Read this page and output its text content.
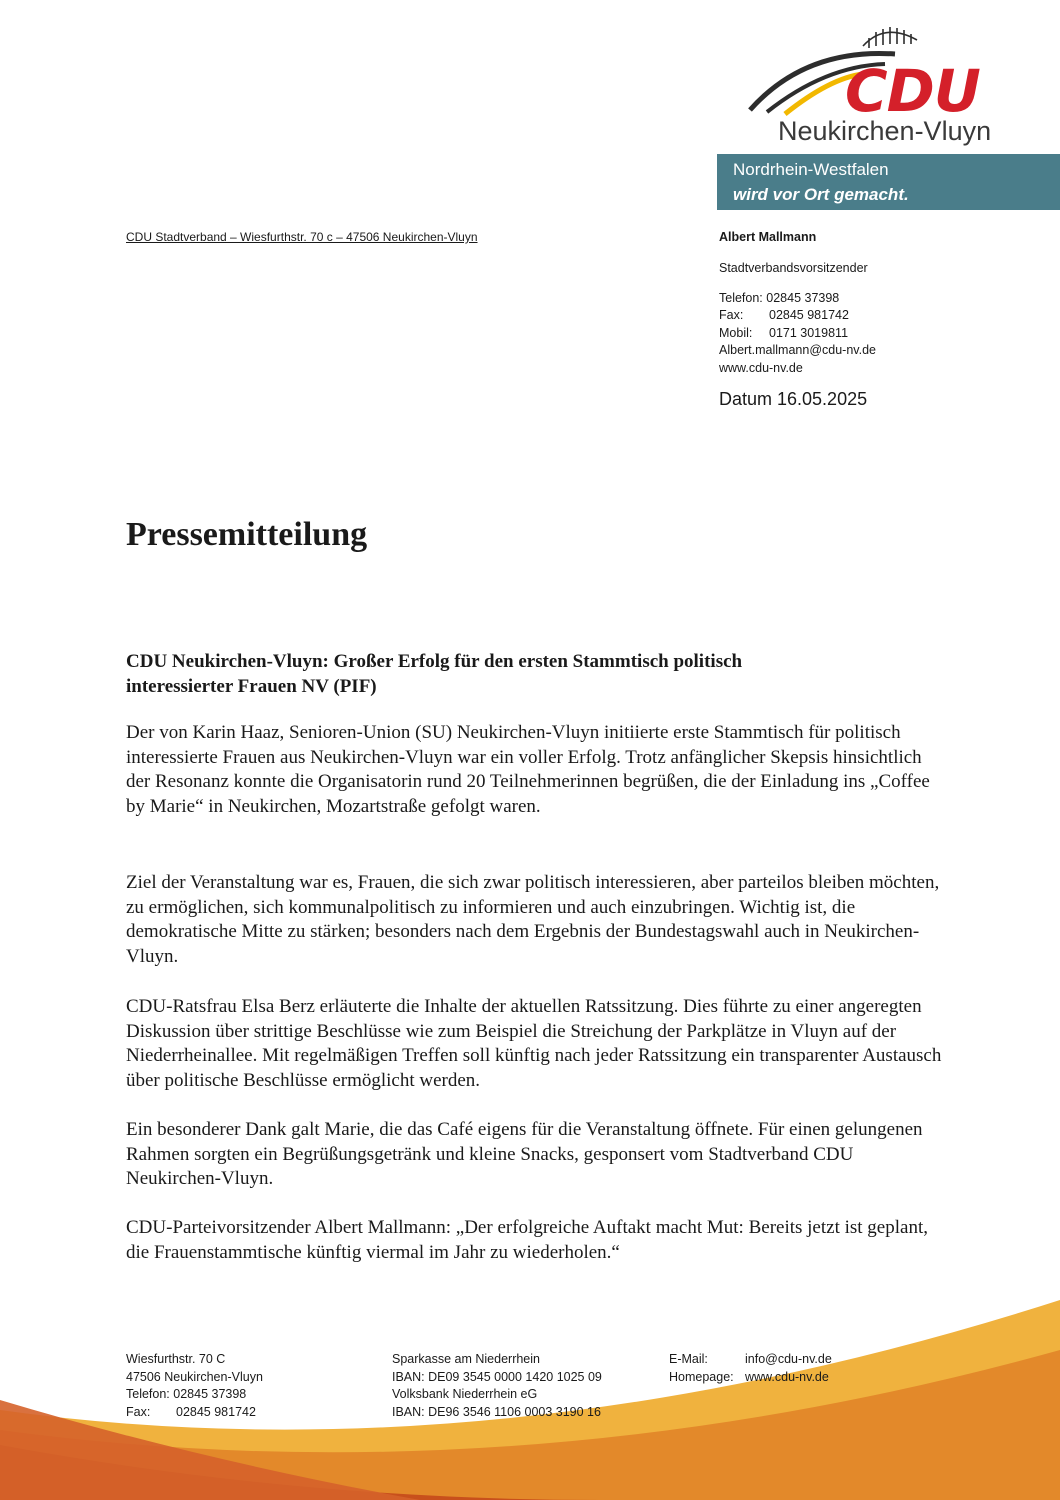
CDU
Neukirchen-Vluyn
Nordrhein-Westfalen
wird vor Ort gemacht.
CDU Stadtverband – Wiesfurthstr. 70 c – 47506 Neukirchen-Vluyn	Albert Mallmann
Stadtverbandsvorsitzender
Telefon: 02845 37398
Fax: 02845 981742
Mobil: 0171 3019811
Albert.mallmann@cdu-nv.de
www.cdu-nv.de
Datum 16.05.2025
Pressemitteilung
CDU Neukirchen-Vluyn: Großer Erfolg für den ersten Stammtisch politisch interessierter Frauen NV (PIF)
Der von Karin Haaz, Senioren-Union (SU) Neukirchen-Vluyn initiierte erste Stammtisch für politisch interessierte Frauen aus Neukirchen-Vluyn war ein voller Erfolg. Trotz anfänglicher Skepsis hinsichtlich der Resonanz konnte die Organisatorin rund 20 Teilnehmerinnen begrüßen, die der Einladung ins „Coffee by Marie“ in Neukirchen, Mozartstraße gefolgt waren.
Ziel der Veranstaltung war es, Frauen, die sich zwar politisch interessieren, aber parteilos bleiben möchten, zu ermöglichen, sich kommunalpolitisch zu informieren und auch einzubringen. Wichtig ist, die demokratische Mitte zu stärken; besonders nach dem Ergebnis der Bundestagswahl auch in Neukirchen-Vluyn.
CDU-Ratsfrau Elsa Berz erläuterte die Inhalte der aktuellen Ratssitzung. Dies führte zu einer angeregten Diskussion über strittige Beschlüsse wie zum Beispiel die Streichung der Parkplätze in Vluyn auf der Niederrheinallee. Mit regelmäßigen Treffen soll künftig nach jeder Ratssitzung ein transparenter Austausch über politische Beschlüsse ermöglicht werden.
Ein besonderer Dank galt Marie, die das Café eigens für die Veranstaltung öffnete. Für einen gelungenen Rahmen sorgten ein Begrüßungsgetränk und kleine Snacks, gesponsert vom Stadtverband CDU Neukirchen-Vluyn.
CDU-Parteivorsitzender Albert Mallmann: „Der erfolgreiche Auftakt macht Mut: Bereits jetzt ist geplant, die Frauenstammtische künftig viermal im Jahr zu wiederholen.“
Wiesfurthstr. 70 C
47506 Neukirchen-Vluyn
Telefon: 02845 37398
Fax: 02845 981742
Sparkasse am Niederrhein
IBAN: DE09 3545 0000 1420 1025 09
Volksbank Niederrhein eG
IBAN: DE96 3546 1106 0003 3190 16
E-Mail:	info@cdu-nv.de
Homepage: www.cdu-nv.de
